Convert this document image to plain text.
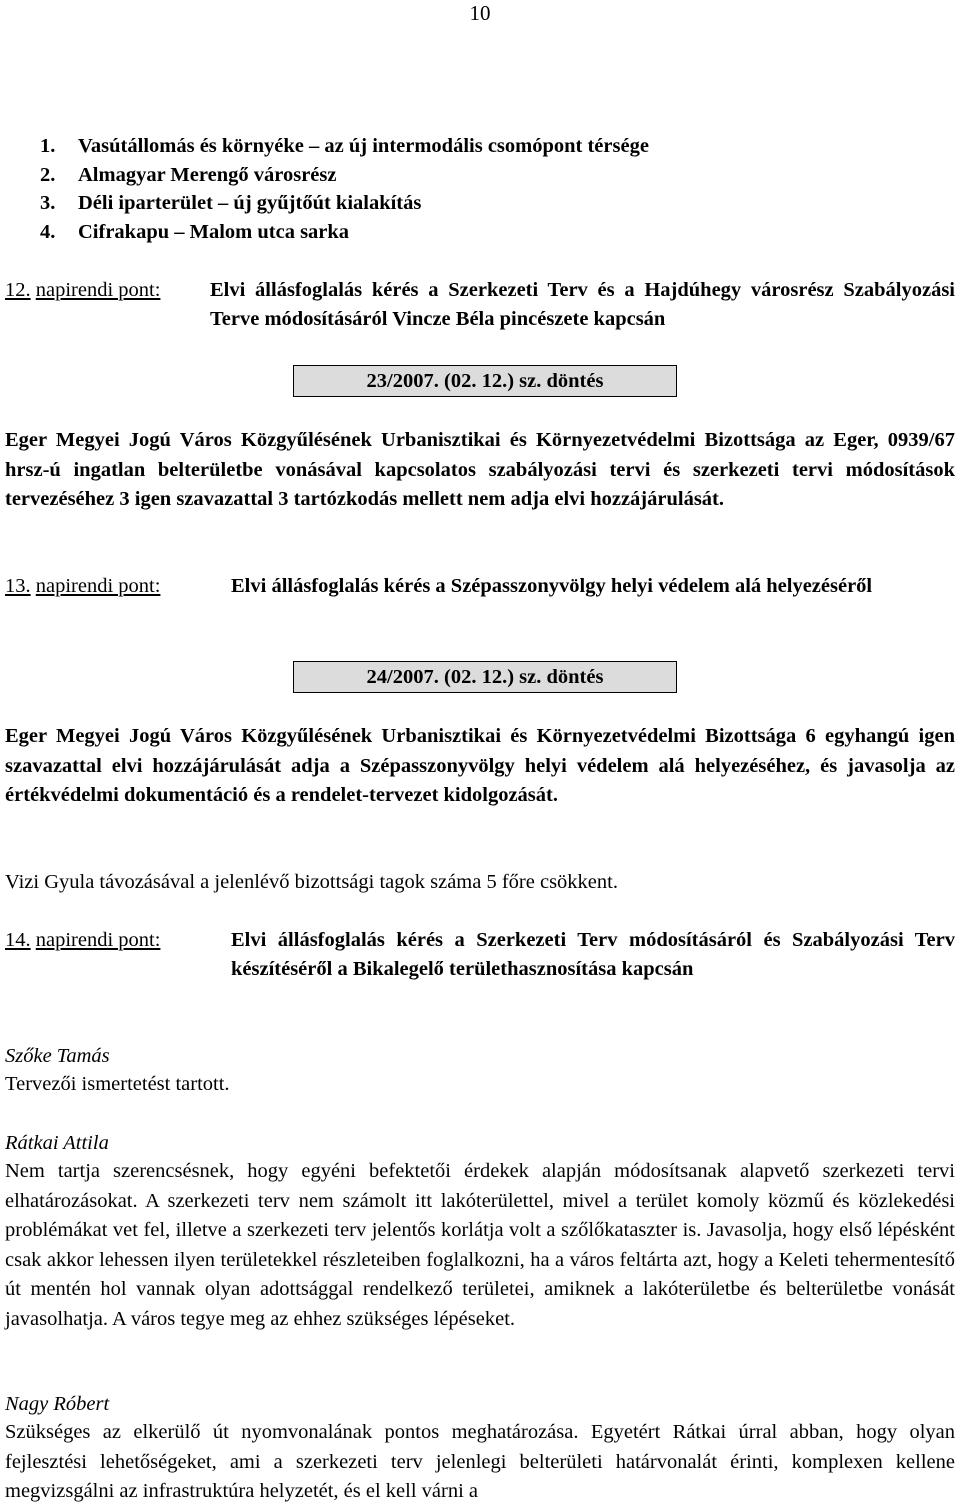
10
1. Vasútállomás és környéke – az új intermodális csomópont térsége
2. Almagyar Merengő városrész
3. Déli iparterület – új gyűjtőút kialakítás
4. Cifrakapu – Malom utca sarka
12. napirendi pont: Elvi állásfoglalás kérés a Szerkezeti Terv és a Hajdúhegy városrész Szabályozási Terve módosításáról Vincze Béla pincészete kapcsán
23/2007. (02. 12.) sz. döntés

Eger Megyei Jogú Város Közgyűlésének Urbanisztikai és Környezetvédelmi Bizottsága az Eger, 0939/67 hrsz-ú ingatlan belterületbe vonásával kapcsolatos szabályozási tervi és szerkezeti tervi módosítások tervezéséhez 3 igen szavazattal 3 tartózkodás mellett nem adja elvi hozzájárulását.

13. napirendi pont:	Elvi állásfoglalás kérés a Szépasszonyvölgy helyi védelem alá helyezéséről
24/2007. (02. 12.) sz. döntés

Eger Megyei Jogú Város Közgyűlésének Urbanisztikai és Környezetvédelmi Bizottsága 6 egyhangú igen szavazattal elvi hozzájárulását adja a Szépasszonyvölgy helyi védelem alá helyezéséhez, és javasolja az értékvédelmi dokumentáció és a rendelet-tervezet kidolgozását.

Vizi Gyula távozásával a jelenlévő bizottsági tagok száma 5 főre csökkent.

14. napirendi pont:	Elvi állásfoglalás kérés a Szerkezeti Terv módosításáról és Szabályozási Terv készítéséről a Bikalegelő területhasznosítása kapcsán
Szőke Tamás

Tervezői ismertetést tartott.

Rátkai Attila

Nem tartja szerencsésnek, hogy egyéni befektetői érdekek alapján módosítsanak alapvető szerkezeti tervi elhatározásokat. A szerkezeti terv nem számolt itt lakóterülettel, mivel a terület komoly közmű és közlekedési problémákat vet fel, illetve a szerkezeti terv jelentős korlátja volt a szőlőkataszter is. Javasolja, hogy első lépésként csak akkor lehessen ilyen területekkel részleteiben foglalkozni, ha a város feltárta azt, hogy a Keleti tehermentesítő út mentén hol vannak olyan adottsággal rendelkező területei, amiknek a lakóterületbe és belterületbe vonását javasolhatja. A város tegye meg az ehhez szükséges lépéseket.

Nagy Róbert

Szükséges az elkerülő út nyomvonalának pontos meghatározása. Egyetért Rátkai úrral abban, hogy olyan fejlesztési lehetőségeket, ami a szerkezeti terv jelenlegi belterületi határvonalát érinti, komplexen kellene megvizsgálni az infrastruktúra helyzetét, és el kell várni a
